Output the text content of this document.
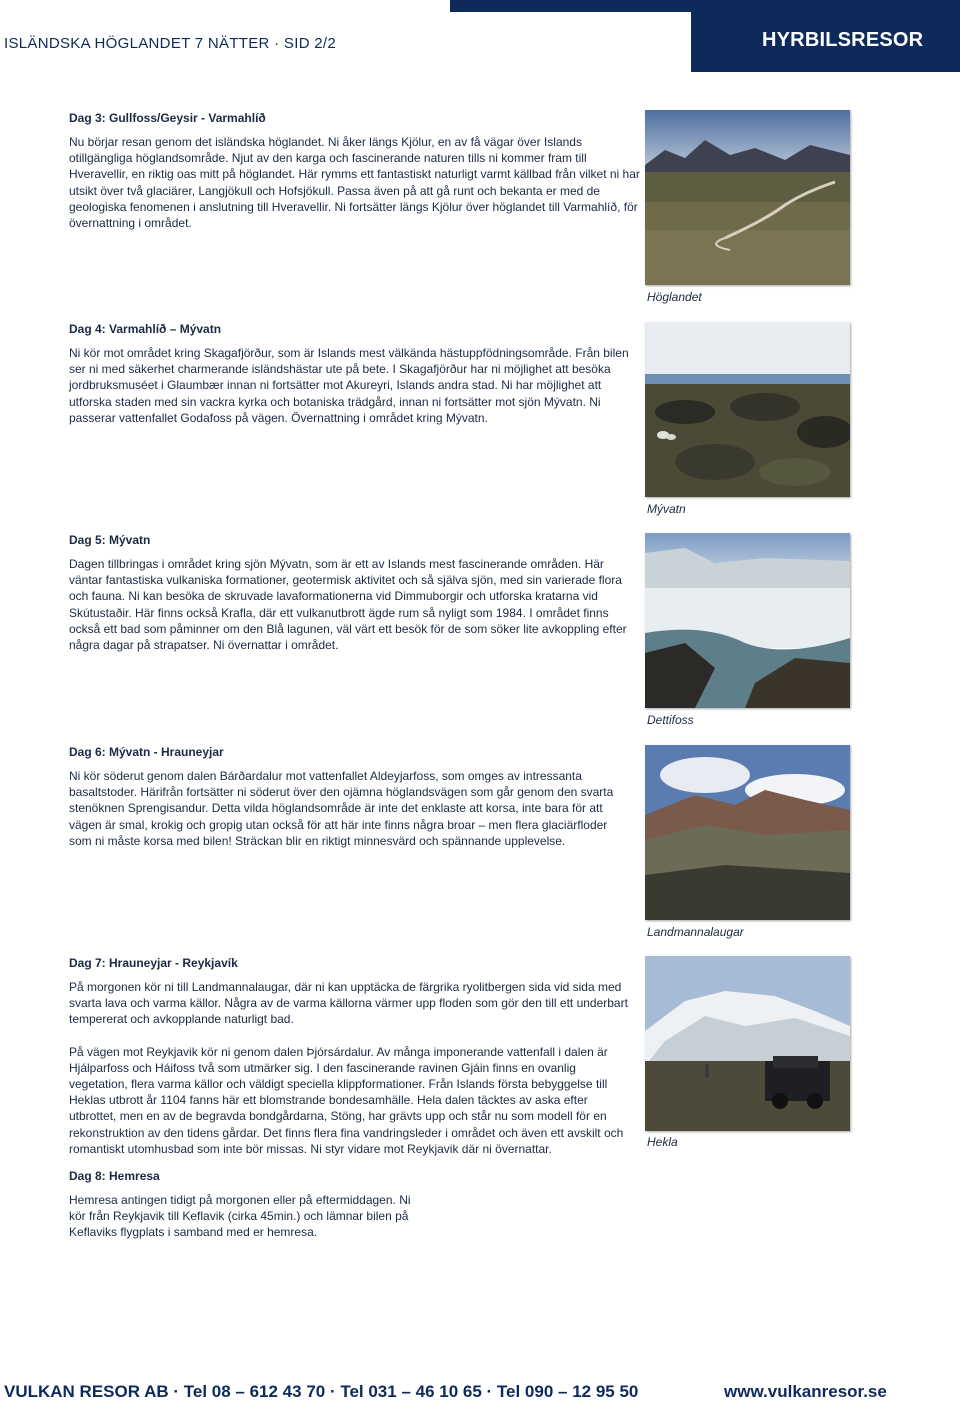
ISLÄNDSKA HÖGLANDET 7 NÄTTER · SID 2/2	HYRBILSRESOR
Dag 3: Gullfoss/Geysir - Varmahlíð

Nu börjar resan genom det isländska höglandet. Ni åker längs Kjölur, en av få vägar över Islands otillgängliga höglandsområde. Njut av den karga och fascinerande naturen tills ni kommer fram till Hveravellir, en riktig oas mitt på höglandet. Här rymms ett fantastiskt naturligt varmt källbad från vilket ni har utsikt över två glaciärer, Langjökull och Hofsjökull. Passa även på att gå runt och bekanta er med de geologiska fenomenen i anslutning till Hveravellir. Ni fortsätter längs Kjölur över höglandet till Varmahlíð, för övernattning i området.

Dag 4: Varmahlíð – Mývatn

Ni kör mot området kring Skagafjörður, som är Islands mest välkända hästuppfödningsområde. Från bilen ser ni med säkerhet charmerande isländshästar ute på bete. I Skagafjörður har ni möjlighet att besöka jordbruksmuséet i Glaumbær innan ni fortsätter mot Akureyri, Islands andra stad. Ni har möjlighet att utforska staden med sin vackra kyrka och botaniska trädgård, innan ni fortsätter mot sjön Mývatn. Ni passerar vattenfallet Godafoss på vägen. Övernattning i området kring Mývatn.

Dag 5: Mývatn

Dagen tillbringas i området kring sjön Mývatn, som är ett av Islands mest fascinerande områden. Här väntar fantastiska vulkaniska formationer, geotermisk aktivitet och så själva sjön, med sin varierade flora och fauna. Ni kan besöka de skruvade lavaformationerna vid Dimmuborgir och utforska kratarna vid Skútustaðir. Här finns också Krafla, där ett vulkanutbrott ägde rum så nyligt som 1984. I området finns också ett bad som påminner om den Blå lagunen, väl värt ett besök för de som söker lite avkoppling efter några dagar på strapatser. Ni övernattar i området.

Dag 6: Mývatn - Hrauneyjar

Ni kör söderut genom dalen Bárðardalur mot vattenfallet Aldeyjarfoss, som omges av intressanta basaltstoder. Härifrån fortsätter ni söderut över den ojämna höglandsvägen som går genom den svarta stenöknen Sprengisandur. Detta vilda höglandsområde är inte det enklaste att korsa, inte bara för att vägen är smal, krokig och gropig utan också för att här inte finns några broar – men flera glaciärfloder som ni måste korsa med bilen! Sträckan blir en riktigt minnesvärd och spännande upplevelse.

Dag 7: Hrauneyjar - Reykjavík

På morgonen kör ni till Landmannalaugar, där ni kan upptäcka de färgrika ryolitbergen sida vid sida med svarta lava och varma källor. Några av de varma källorna värmer upp floden som gör den till ett underbart tempererat och avkopplande naturligt bad.

På vägen mot Reykjavik kör ni genom dalen Þjórsárdalur. Av många imponerande vattenfall i dalen är Hjálparfoss och Háifoss två som utmärker sig. I den fascinerande ravinen Gjáin finns en ovanlig vegetation, flera varma källor och väldigt speciella klippformationer. Från Islands första bebyggelse till Heklas utbrott år 1104 fanns här ett blomstrande bondesamhälle. Hela dalen täcktes av aska efter utbrottet, men en av de begravda bondgårdarna, Stöng, har grävts upp och står nu som modell för en rekonstruktion av den tidens gårdar. Det finns flera fina vandringsleder i området och även ett avskilt och romantiskt utomhusbad som inte bör missas. Ni styr vidare mot Reykjavik där ni övernattar.

Dag 8: Hemresa

Hemresa antingen tidigt på morgonen eller på eftermiddagen. Ni kör från Reykjavik till Keflavik (cirka 45min.) och lämnar bilen på Keflaviks flygplats i samband med er hemresa.

Höglandet
Mývatn
Dettifoss
Landmannalaugar
Hekla
VULKAN RESOR AB · Tel 08 – 612 43 70 · Tel 031 – 46 10 65 · Tel 090 – 12 95 50	www.vulkanresor.se
